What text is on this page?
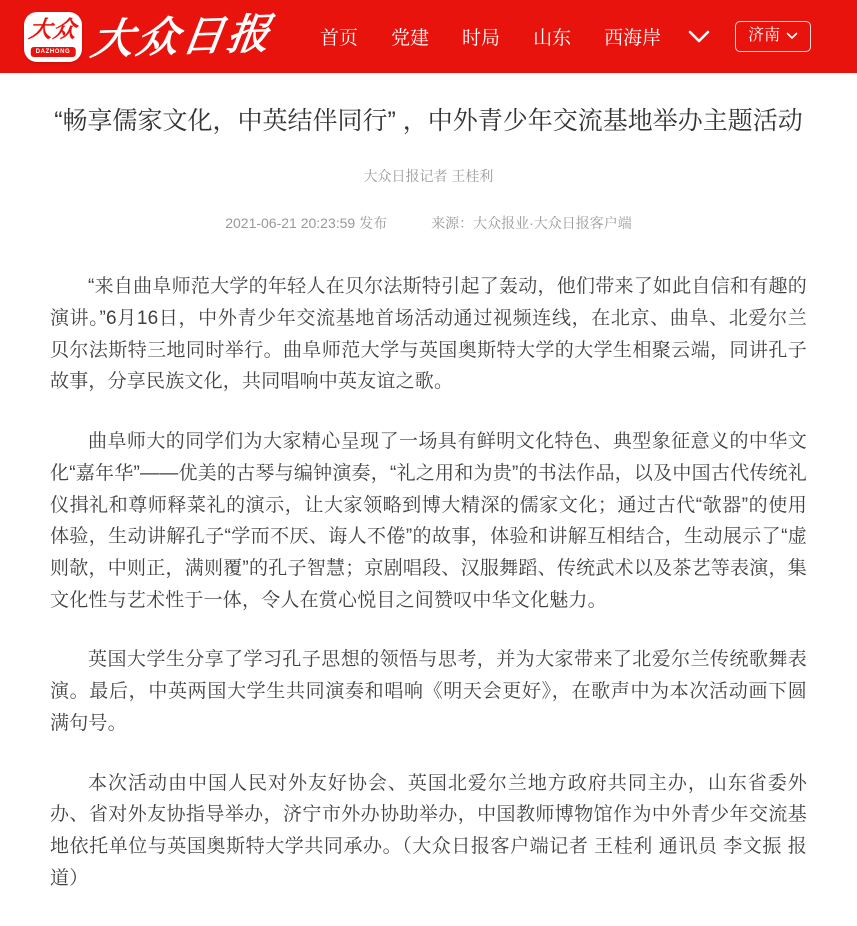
大众
DAZHONG 大众日报 首页 党建 时局 山东 西海岸	济南
“畅享儒家文化，中英结伴同行” ，中外青少年交流基地举办主题活动
大众日报记者 王桂利
2021-06-21 20:23:59 发布	来源：大众报业·大众日报客户端

“来自曲阜师范大学的年轻人在贝尔法斯特引起了轰动，他们带来了如此自信和有趣的演讲。”6月16日，中外青少年交流基地首场活动通过视频连线，在北京、曲阜、北爱尔兰贝尔法斯特三地同时举行。曲阜师范大学与英国奥斯特大学的大学生相聚云端，同讲孔子故事，分享民族文化，共同唱响中英友谊之歌。

曲阜师大的同学们为大家精心呈现了一场具有鲜明文化特色、典型象征意义的中华文化“嘉年华”——优美的古琴与编钟演奏，“礼之用和为贵”的书法作品，以及中国古代传统礼仪揖礼和尊师释菜礼的演示，让大家领略到博大精深的儒家文化；通过古代“欹器”的使用体验，生动讲解孔子“学而不厌、诲人不倦”的故事，体验和讲解互相结合，生动展示了“虚则欹，中则正，满则覆”的孔子智慧；京剧唱段、汉服舞蹈、传统武术以及茶艺等表演，集文化性与艺术性于一体，令人在赏心悦目之间赞叹中华文化魅力。

英国大学生分享了学习孔子思想的领悟与思考，并为大家带来了北爱尔兰传统歌舞表演。最后，中英两国大学生共同演奏和唱响《明天会更好》，在歌声中为本次活动画下圆满句号。

本次活动由中国人民对外友好协会、英国北爱尔兰地方政府共同主办，山东省委外办、省对外友协指导举办，济宁市外办协助举办，中国教师博物馆作为中外青少年交流基地依托单位与英国奥斯特大学共同承办。（大众日报客户端记者 王桂利 通讯员 李文振 报道）
